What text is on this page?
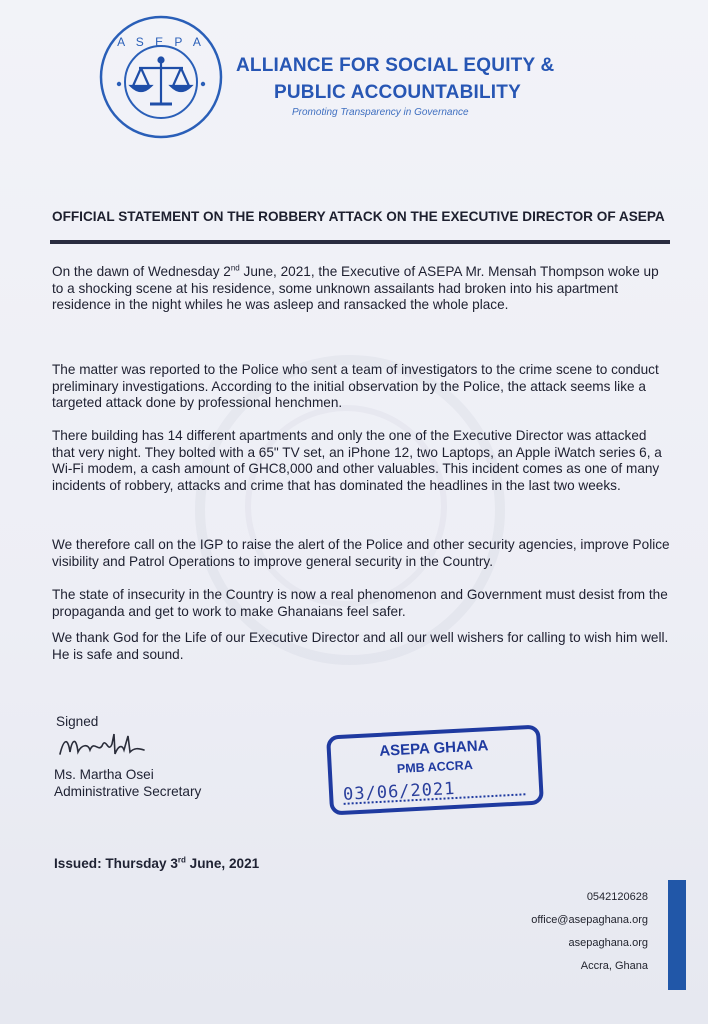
A S E P A
ALLIANCE FOR SOCIAL EQUITY &
PUBLIC ACCOUNTABILITY
Promoting Transparency in Governance
OFFICIAL STATEMENT ON THE ROBBERY ATTACK ON THE EXECUTIVE DIRECTOR OF ASEPA

On the dawn of Wednesday 2nd June, 2021, the Executive of ASEPA Mr. Mensah Thompson woke up to a shocking scene at his residence, some unknown assailants had broken into his apartment residence in the night whiles he was asleep and ransacked the whole place.

The matter was reported to the Police who sent a team of investigators to the crime scene to conduct preliminary investigations. According to the initial observation by the Police, the attack seems like a targeted attack done by professional henchmen.

There building has 14 different apartments and only the one of the Executive Director was attacked that very night. They bolted with a 65" TV set, an iPhone 12, two Laptops, an Apple iWatch series 6, a Wi-Fi modem, a cash amount of GHC8,000 and other valuables. This incident comes as one of many incidents of robbery, attacks and crime that has dominated the headlines in the last two weeks.

We therefore call on the IGP to raise the alert of the Police and other security agencies, improve Police visibility and Patrol Operations to improve general security in the Country.

The state of insecurity in the Country is now a real phenomenon and Government must desist from the propaganda and get to work to make Ghanaians feel safer.

We thank God for the Life of our Executive Director and all our well wishers for calling to wish him well. He is safe and sound.

Signed
Ms. Martha Osei
Administrative Secretary
ASEPA GHANA
PMB ACCRA
03/06/2021
Issued: Thursday 3rd June, 2021
0542120628
office@asepaghana.org
asepaghana.org
Accra, Ghana
